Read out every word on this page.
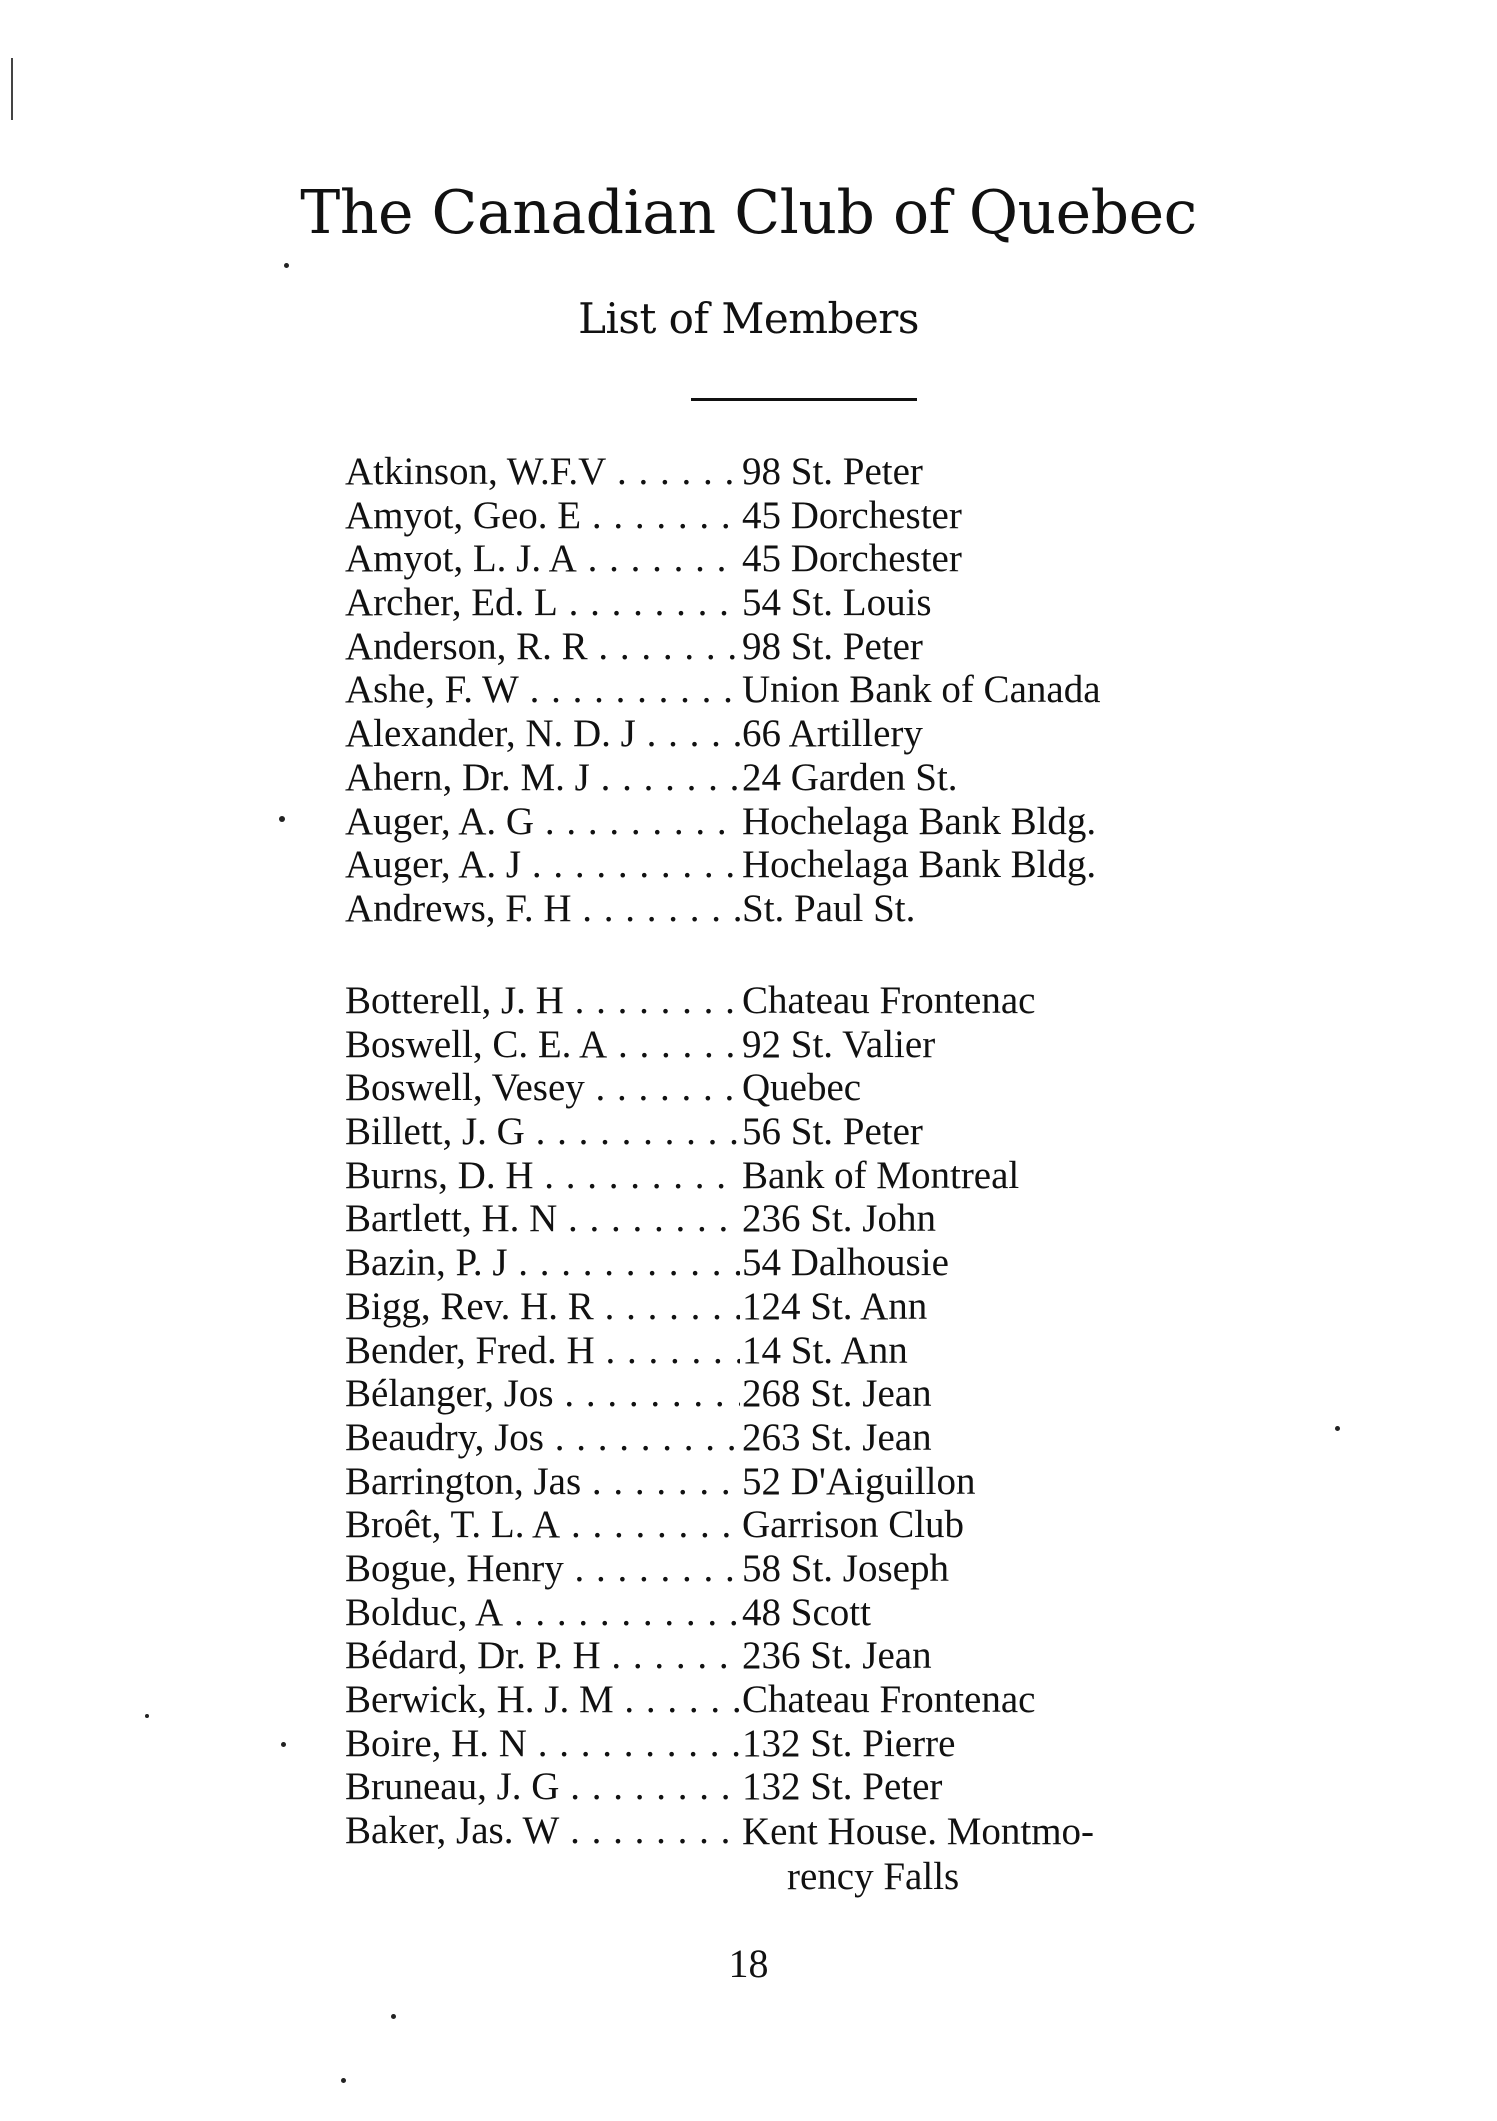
The Canadian Club of Quebec
List of Members
Atkinson, W.F.V . . .	98 St. Peter
Amyot, Geo. E . . .	45 Dorchester
Amyot, L. J. A . . .	45 Dorchester
Archer, Ed. L . . .	54 St. Louis
Anderson, R. R . . .	98 St. Peter
Ashe, F. W . . .	Union Bank of Canada
Alexander, N. D. J . . .	66 Artillery
Ahern, Dr. M. J . . .	24 Garden St.
Auger, A. G . . .	Hochelaga Bank Bldg.
Auger, A. J . . .	Hochelaga Bank Bldg.
Andrews, F. H . . .	St. Paul St.
Botterell, J. H . . .	Chateau Frontenac
Boswell, C. E. A . . .	92 St. Valier
Boswell, Vesey . . .	Quebec
Billett, J. G . . .	56 St. Peter
Burns, D. H . . .	Bank of Montreal
Bartlett, H. N . . .	236 St. John
Bazin, P. J . . .	54 Dalhousie
Bigg, Rev. H. R . . .	124 St. Ann
Bender, Fred. H . . .	14 St. Ann
Bélanger, Jos . . .	268 St. Jean
Beaudry, Jos . . .	263 St. Jean
Barrington, Jas . . .	52 D'Aiguillon
Broêt, T. L. A . . .	Garrison Club
Bogue, Henry . . .	58 St. Joseph
Bolduc, A . . .	48 Scott
Bédard, Dr. P. H . . .	236 St. Jean
Berwick, H. J. M . . .	Chateau Frontenac
Boire, H. N . . .	132 St. Pierre
Bruneau, J. G . . .	132 St. Peter
Baker, Jas. W . . .	Kent House. Montmo-
rency Falls
18
